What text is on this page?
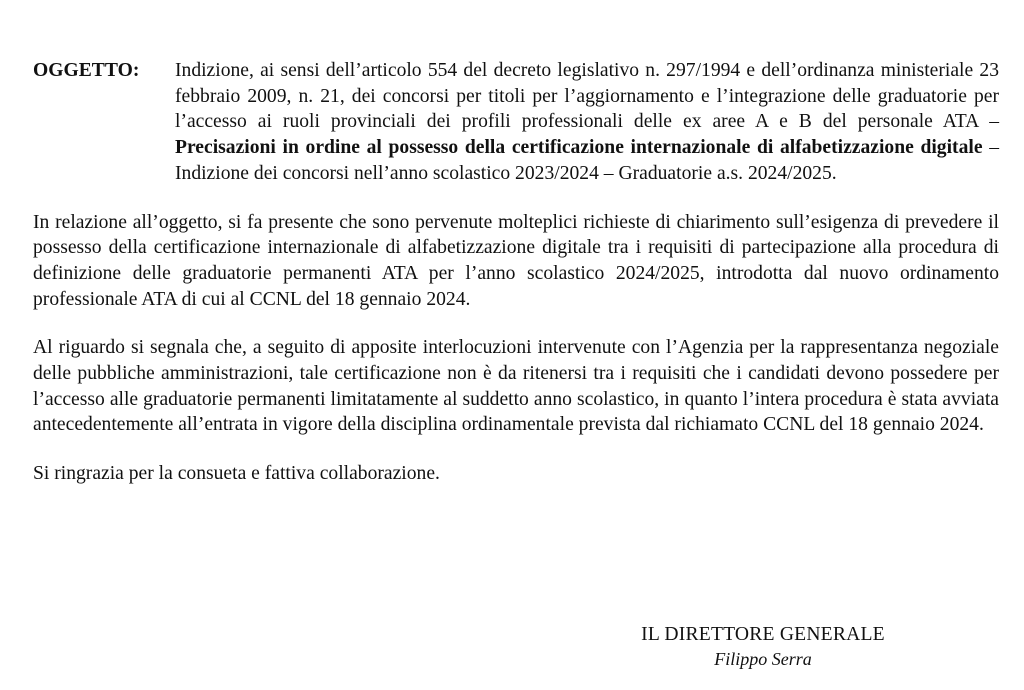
OGGETTO:	Indizione, ai sensi dell’articolo 554 del decreto legislativo n. 297/1994 e dell’ordinanza ministeriale 23 febbraio 2009, n. 21, dei concorsi per titoli per l’aggiornamento e l’integrazione delle graduatorie per l’accesso ai ruoli provinciali dei profili professionali delle ex aree A e B del personale ATA – Precisazioni in ordine al possesso della certificazione internazionale di alfabetizzazione digitale – Indizione dei concorsi nell’anno scolastico 2023/2024 – Graduatorie a.s. 2024/2025.

In relazione all’oggetto, si fa presente che sono pervenute molteplici richieste di chiarimento sull’esigenza di prevedere il possesso della certificazione internazionale di alfabetizzazione digitale tra i requisiti di partecipazione alla procedura di definizione delle graduatorie permanenti ATA per l’anno scolastico 2024/2025, introdotta dal nuovo ordinamento professionale ATA di cui al CCNL del 18 gennaio 2024.

Al riguardo si segnala che, a seguito di apposite interlocuzioni intervenute con l’Agenzia per la rappresentanza negoziale delle pubbliche amministrazioni, tale certificazione non è da ritenersi tra i requisiti che i candidati devono possedere per l’accesso alle graduatorie permanenti limitatamente al suddetto anno scolastico, in quanto l’intera procedura è stata avviata antecedentemente all’entrata in vigore della disciplina ordinamentale prevista dal richiamato CCNL del 18 gennaio 2024.

Si ringrazia per la consueta e fattiva collaborazione.

IL DIRETTORE GENERALE
Filippo Serra
